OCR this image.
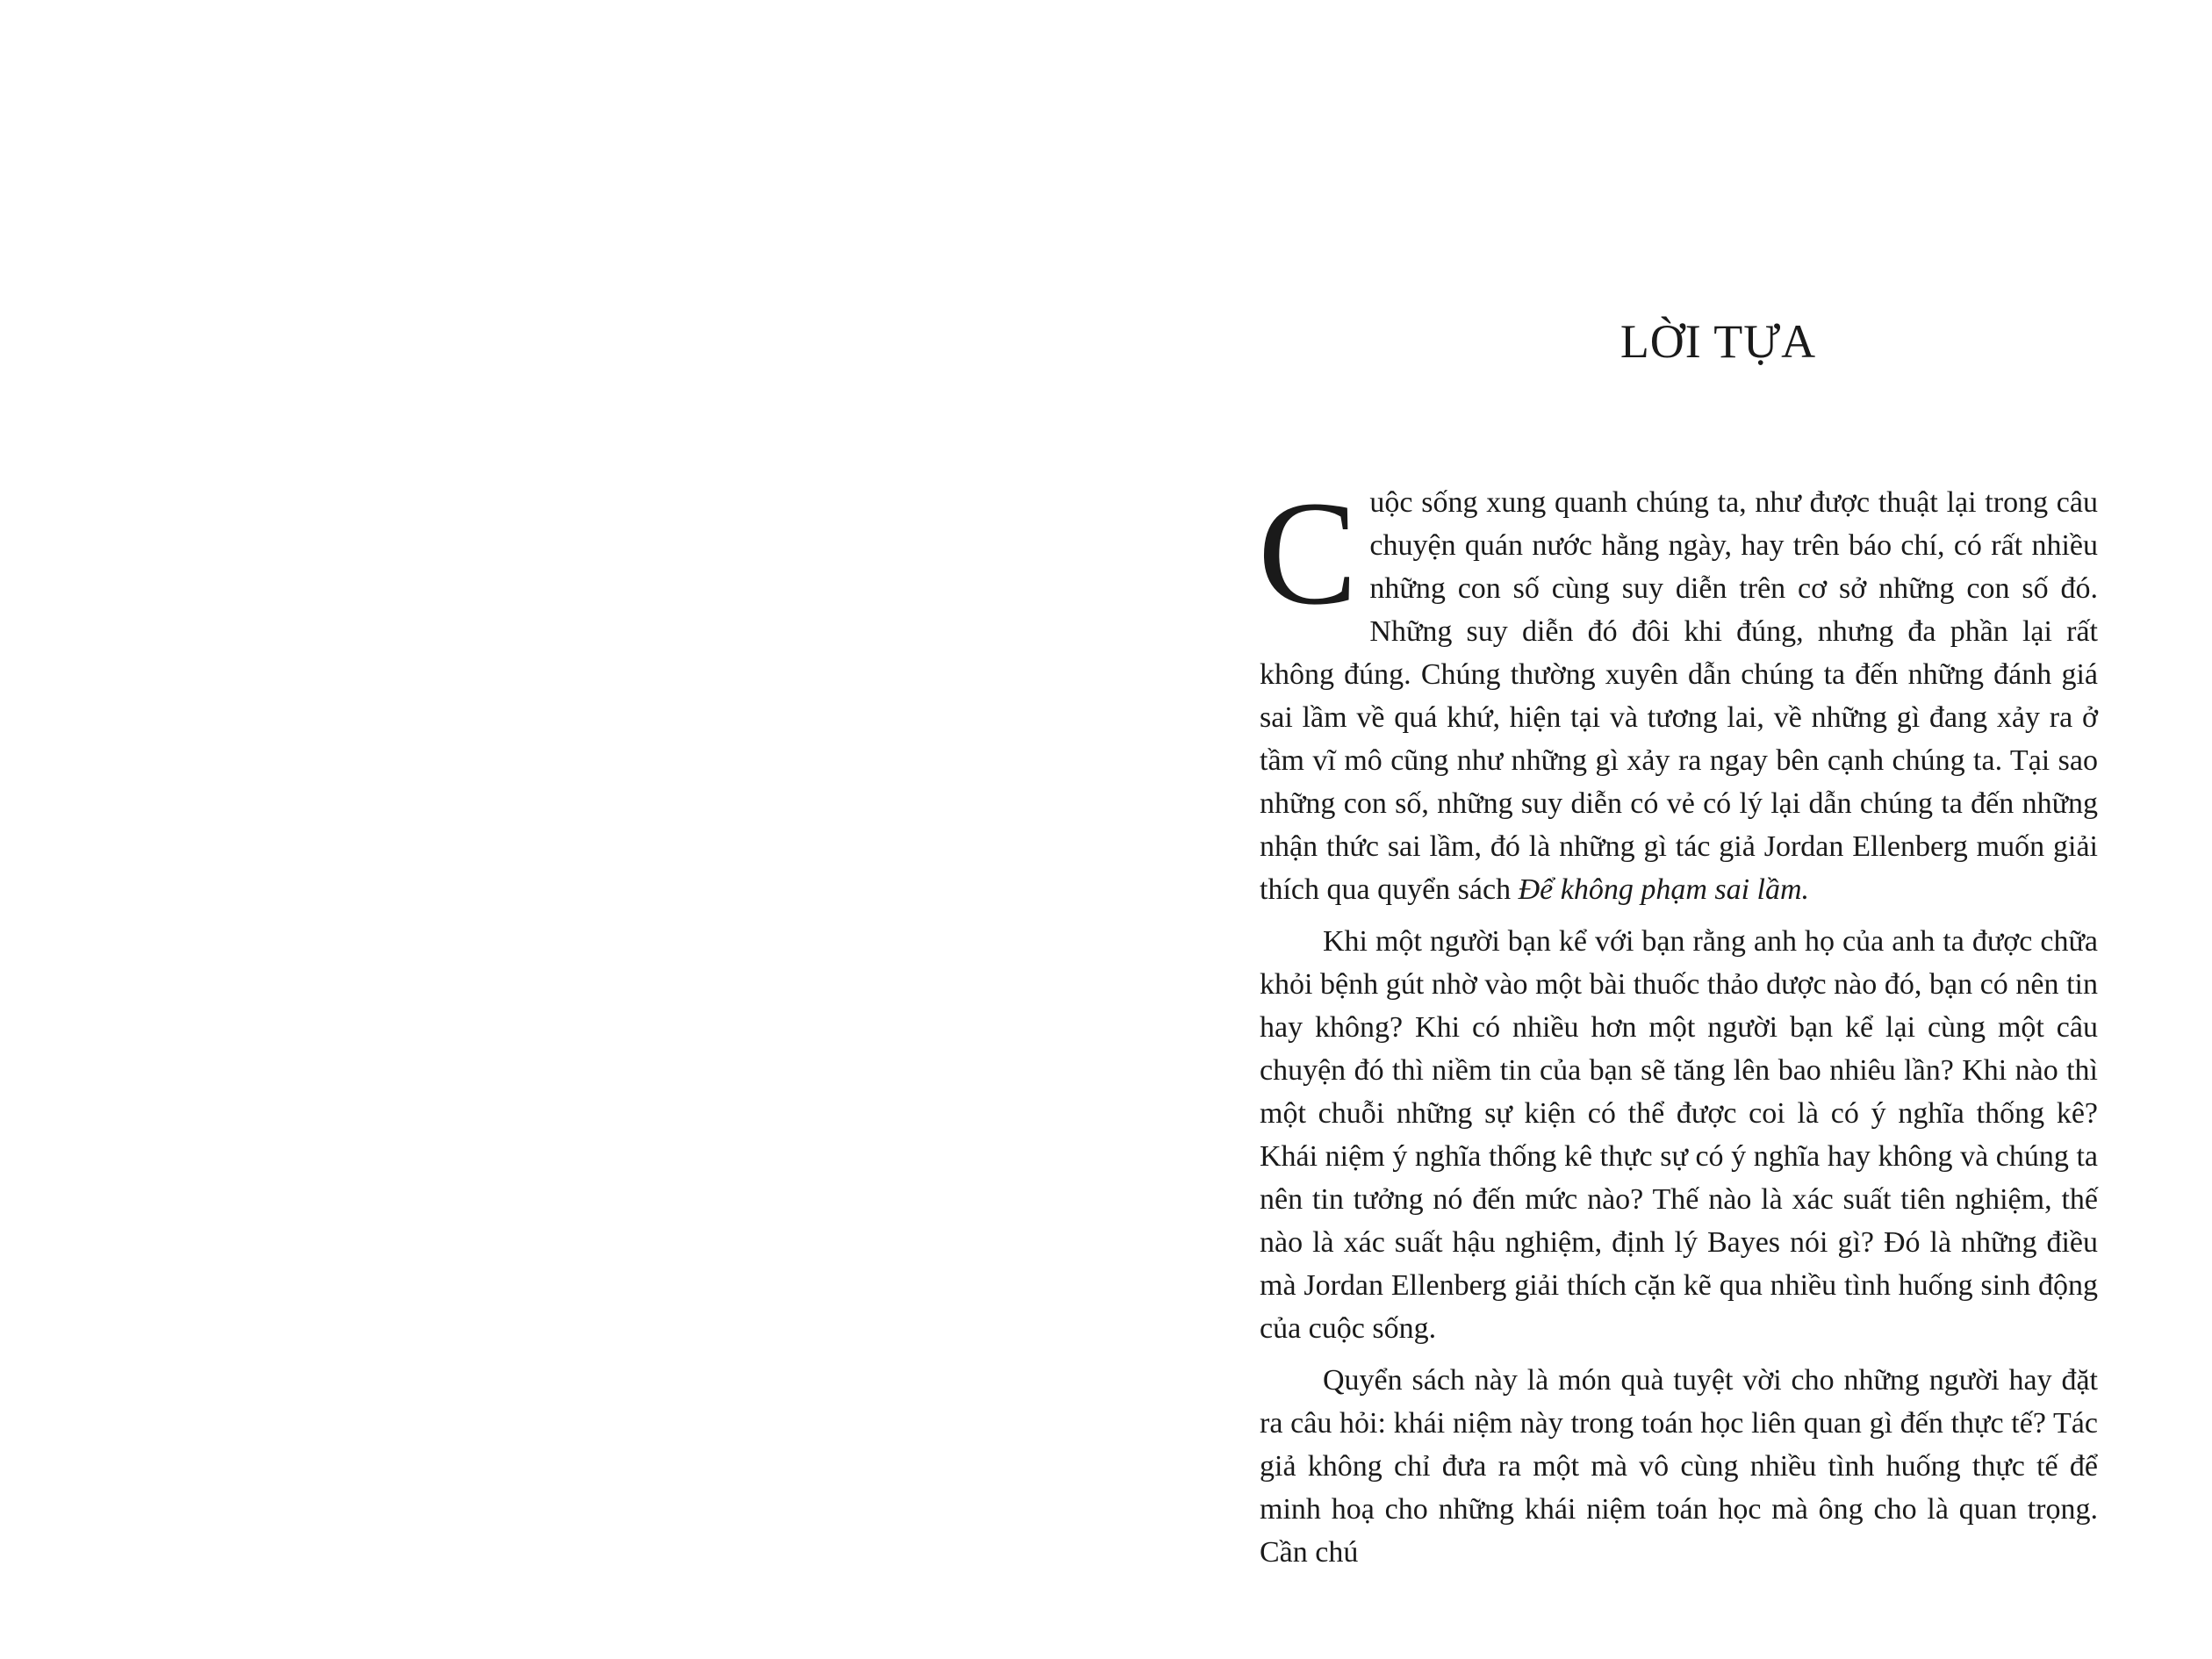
LỜI TỰA

Cuộc sống xung quanh chúng ta, như được thuật lại trong câu chuyện quán nước hằng ngày, hay trên báo chí, có rất nhiều những con số cùng suy diễn trên cơ sở những con số đó. Những suy diễn đó đôi khi đúng, nhưng đa phần lại rất không đúng. Chúng thường xuyên dẫn chúng ta đến những đánh giá sai lầm về quá khứ, hiện tại và tương lai, về những gì đang xảy ra ở tầm vĩ mô cũng như những gì xảy ra ngay bên cạnh chúng ta. Tại sao những con số, những suy diễn có vẻ có lý lại dẫn chúng ta đến những nhận thức sai lầm, đó là những gì tác giả Jordan Ellenberg muốn giải thích qua quyển sách Để không phạm sai lầm.

Khi một người bạn kể với bạn rằng anh họ của anh ta được chữa khỏi bệnh gút nhờ vào một bài thuốc thảo dược nào đó, bạn có nên tin hay không? Khi có nhiều hơn một người bạn kể lại cùng một câu chuyện đó thì niềm tin của bạn sẽ tăng lên bao nhiêu lần? Khi nào thì một chuỗi những sự kiện có thể được coi là có ý nghĩa thống kê? Khái niệm ý nghĩa thống kê thực sự có ý nghĩa hay không và chúng ta nên tin tưởng nó đến mức nào? Thế nào là xác suất tiên nghiệm, thế nào là xác suất hậu nghiệm, định lý Bayes nói gì? Đó là những điều mà Jordan Ellenberg giải thích cặn kẽ qua nhiều tình huống sinh động của cuộc sống.

Quyển sách này là món quà tuyệt vời cho những người hay đặt ra câu hỏi: khái niệm này trong toán học liên quan gì đến thực tế? Tác giả không chỉ đưa ra một mà vô cùng nhiều tình huống thực tế để minh hoạ cho những khái niệm toán học mà ông cho là quan trọng. Cần chú
